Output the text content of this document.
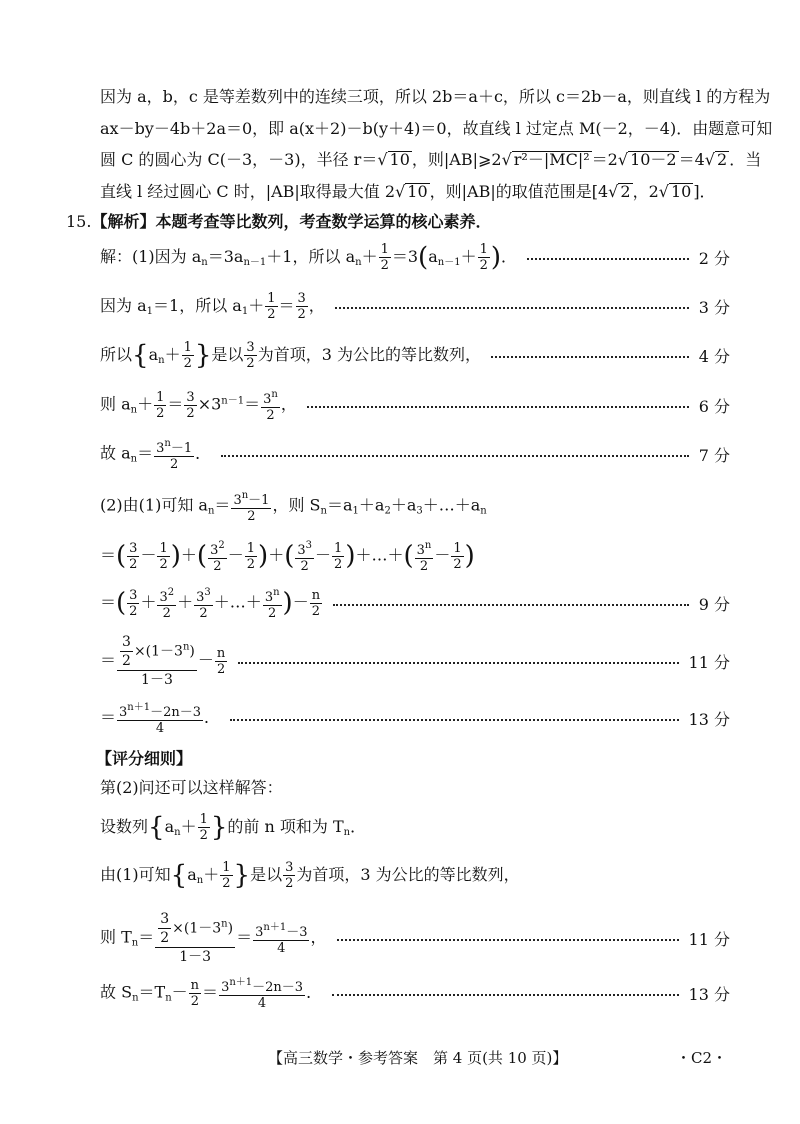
因为 a，b，c 是等差数列中的连续三项，所以 2b＝a＋c，所以 c＝2b－a，则直线 l 的方程为
ax－by－4b＋2a＝0，即 a(x＋2)－b(y＋4)＝0，故直线 l 过定点 M(－2，－4)．由题意可知
圆 C 的圆心为 C(－3，－3)，半径 r＝√ 10 ，则|AB|⩾2√ r²－|MC|² ＝2√ 10－2 ＝4√ 2 ．当
直线 l 经过圆心 C 时，|AB|取得最大值 2√ 10 ，则|AB|的取值范围是[4√ 2 ，2√ 10 ]．
15.【解析】本题考查等比数列，考查数学运算的核心素养．
解：(1)因为 $a_n=3a_{n-1}+1$，所以 $a_n+ \frac{1}{2} =3(a_{n-1}+ \frac{1}{2}$ )．	2 分
因为 $a_1=1$，所以 $a_1+ \frac{1}{2} = \frac{3}{2}$ ，	3 分
所以{$a_n+ \frac{1}{2}$ }是以 $\frac{3}{2}$ 为首项，3 为公比的等比数列，	4 分
则 $a_n+ \frac{1}{2} = \frac{3}{2} \times 3^{n-1}= \frac{3^n}{2}$ ，	6 分
故 $a_n= \frac{3^n-1}{2}$ ．	7 分
(2)由(1)可知 $a_n= \frac{3^n-1}{2}$ ，则 $S_n=a_1+a_2+a_3+\dots+a_n$
＝( $\frac{3}{2} - \frac{1}{2}$ )＋( $\frac{3^2}{2} - \frac{1}{2}$ )＋( $\frac{3^3}{2} - \frac{1}{2}$ )＋…＋( $\frac{3^n}{2} - \frac{1}{2}$ )
＝( $\frac{3}{2} + \frac{3^2}{2} + \frac{3^3}{2}$ ＋…＋ $\frac{3^n}{2}$ )－ $\frac{n}{2}$	9 分
＝ $\frac{\frac{3}{2} \times(1-3^n)}{1-3} - \frac{n}{2}$	11 分
＝ $\frac{3^{n+1}-2n-3}{4}$ ．	13 分
【评分细则】
第(2)问还可以这样解答：
设数列{$a_n+ \frac{1}{2}$ }的前 n 项和为 $T_n$．
由(1)可知{$a_n+ \frac{1}{2}$ }是以 $\frac{3}{2}$ 为首项，3 为公比的等比数列，
则 $T_n= \frac{\frac{3}{2} \times(1-3^n)}{1-3} = \frac{3^{n+1}-3}{4}$ ，	11 分
故 $S_n=T_n- \frac{n}{2} = \frac{3^{n+1}-2n-3}{4}$ ．	13 分
【高三数学・参考答案　第 4 页(共 10 页)】	・C2・
